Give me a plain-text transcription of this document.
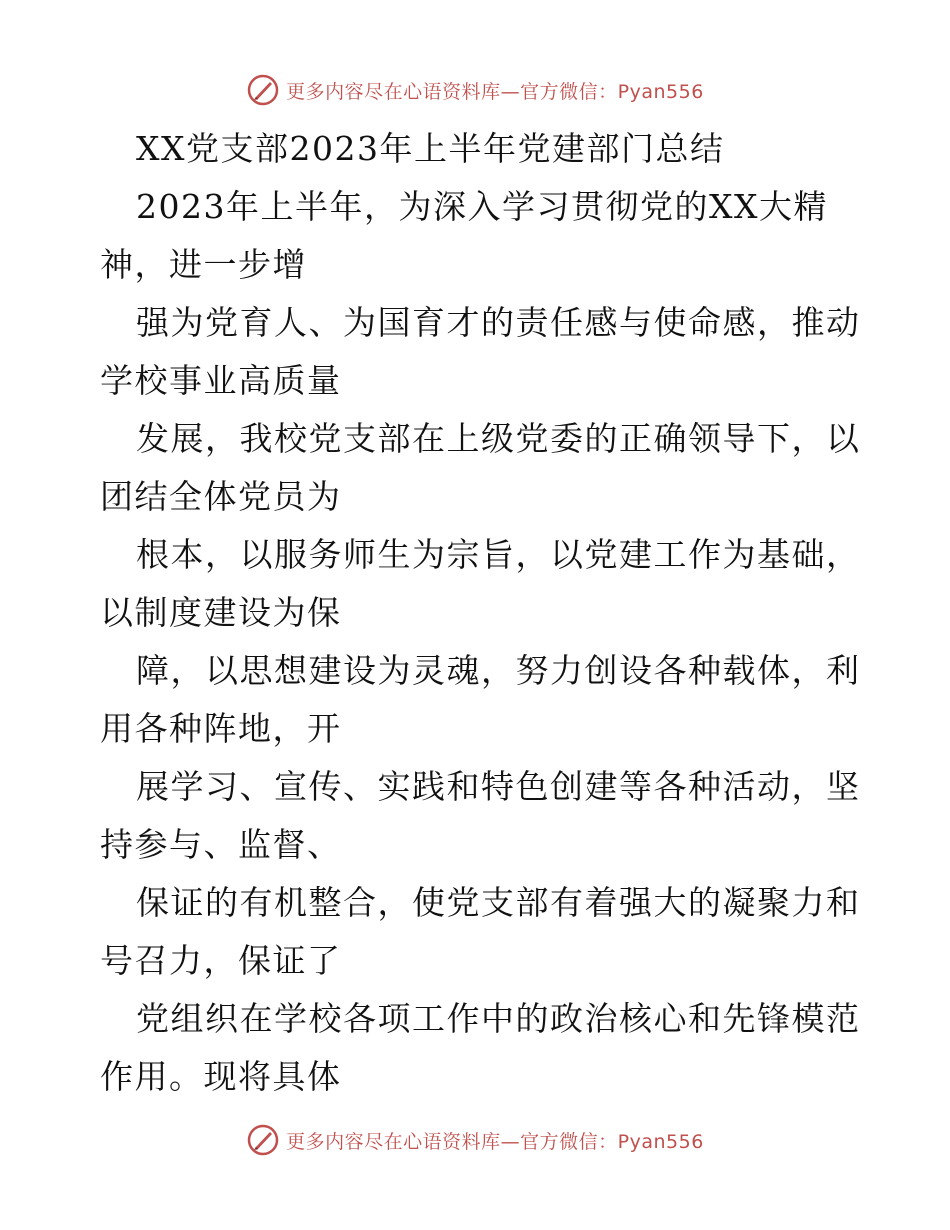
更多内容尽在心语资料库—官方微信：Pyan556
XX党支部2023年上半年党建部门总结
2023年上半年，为深入学习贯彻党的XX大精
神，进一步增
强为党育人、为国育才的责任感与使命感，推动
学校事业高质量
发展，我校党支部在上级党委的正确领导下，以
团结全体党员为
根本，以服务师生为宗旨，以党建工作为基础，
以制度建设为保
障，以思想建设为灵魂，努力创设各种载体，利
用各种阵地，开
展学习、宣传、实践和特色创建等各种活动，坚
持参与、监督、
保证的有机整合，使党支部有着强大的凝聚力和
号召力，保证了
党组织在学校各项工作中的政治核心和先锋模范
作用。现将具体
更多内容尽在心语资料库—官方微信：Pyan556
